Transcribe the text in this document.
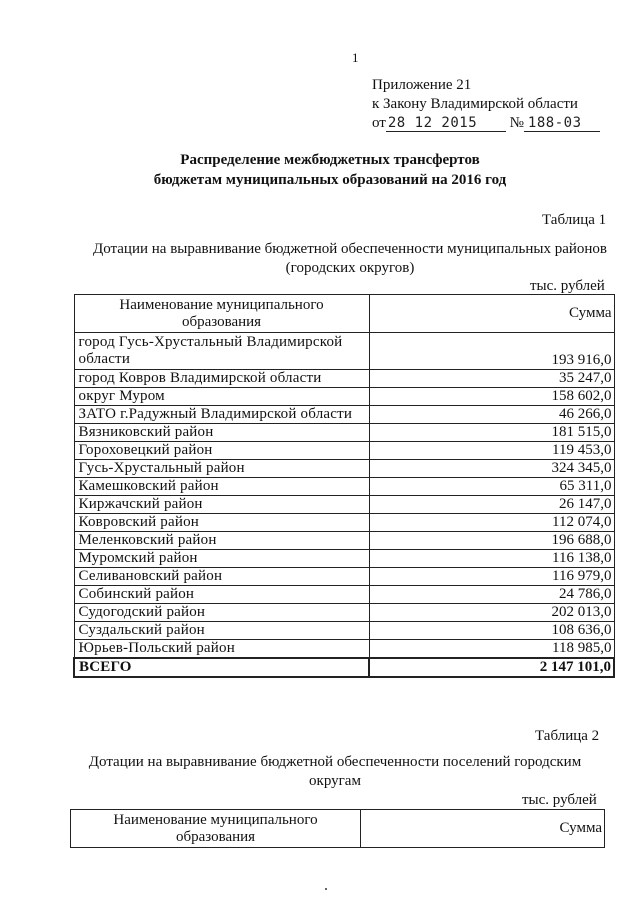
1
Приложение 21
к Закону Владимирской области
от 28 12 2015 № 188-03
Распределение межбюджетных трансфертов
бюджетам муниципальных образований на 2016 год
Таблица 1
Дотации на выравнивание бюджетной обеспеченности муниципальных районов
(городских округов)
тыс. рублей
Наименование муниципального образования	Сумма
город Гусь-Хрустальный Владимирской области	193 916,0
город Ковров Владимирской области	35 247,0
округ Муром	158 602,0
ЗАТО г.Радужный Владимирской области	46 266,0
Вязниковский район	181 515,0
Гороховецкий район	119 453,0
Гусь-Хрустальный район	324 345,0
Камешковский район	65 311,0
Киржачский район	26 147,0
Ковровский район	112 074,0
Меленковский район	196 688,0
Муромский район	116 138,0
Селивановский район	116 979,0
Собинский район	24 786,0
Судогодский район	202 013,0
Суздальский район	108 636,0
Юрьев-Польский район	118 985,0
ВСЕГО	2 147 101,0
Таблица 2
Дотации на выравнивание бюджетной обеспеченности поселений городским
округам
тыс. рублей
Наименование муниципального образования	Сумма
